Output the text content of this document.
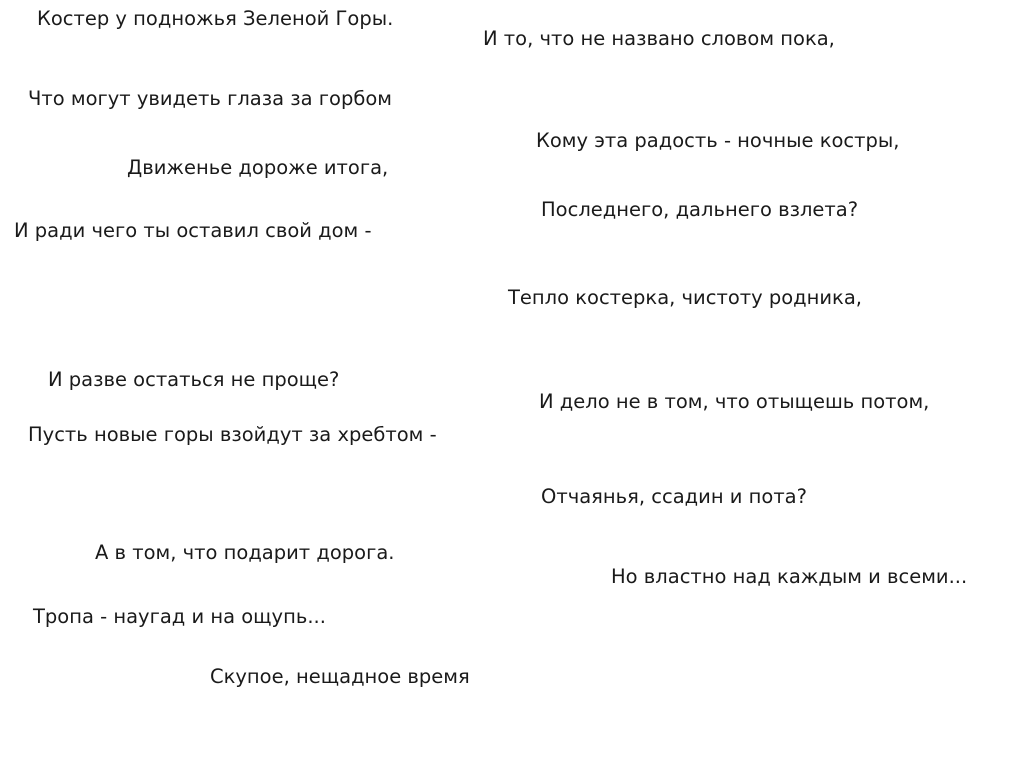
Костер у подножья Зеленой Горы.
Что могут увидеть глаза за горбом
Движенье дороже итога,
И ради чего ты оставил свой дом -
И разве остаться не проще?
Пусть новые горы взойдут за хребтом -
А в том, что подарит дорога.
Тропа - наугад и на ощупь...
Скупое, нещадное время
И то, что не названо словом пока,
Кому эта радость - ночные костры,
Последнего, дальнего взлета?
Тепло костерка, чистоту родника,
И дело не в том, что отыщешь потом,
Отчаянья, ссадин и пота?
Но властно над каждым и всеми...
